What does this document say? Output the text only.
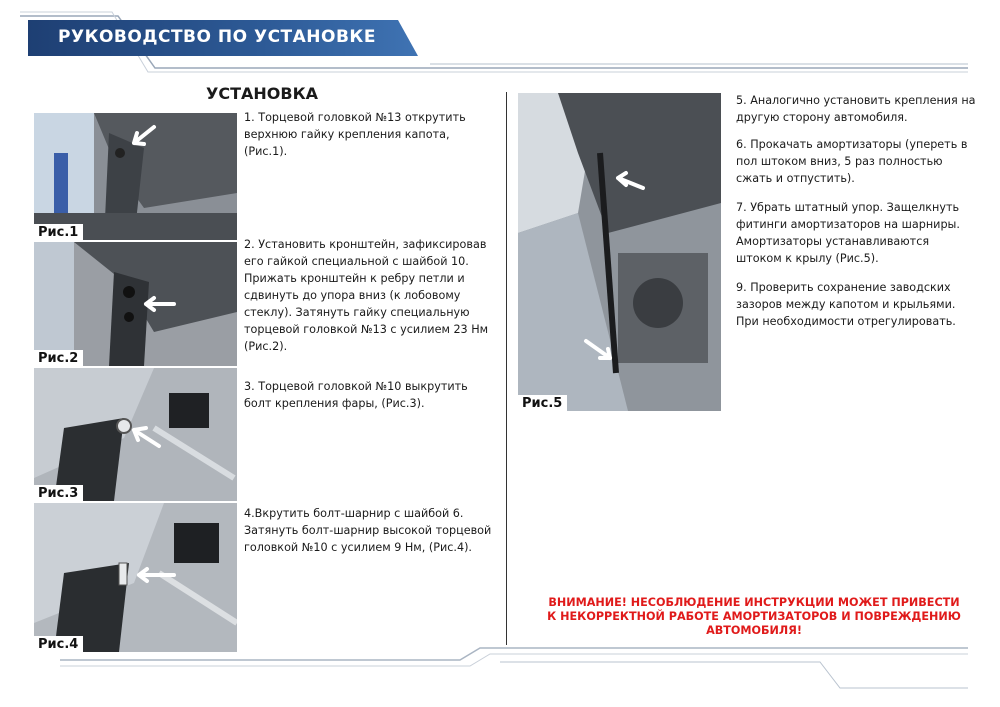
РУКОВОДСТВО ПО УСТАНОВКЕ
УСТАНОВКА
Рис.1
Рис.2
Рис.3
Рис.4
1. Торцевой головкой №13 открутить верхнюю гайку крепления капота, (Рис.1).
2. Установить кронштейн, зафиксировав его гайкой специальной с шайбой 10. Прижать кронштейн к ребру петли и сдвинуть до упора вниз (к лобовому стеклу). Затянуть гайку специальную торцевой головкой №13 с усилием 23 Нм (Рис.2).
3. Торцевой головкой №10 выкрутить болт крепления фары, (Рис.3).
4.Вкрутить болт-шарнир с шайбой 6. Затянуть болт-шарнир высокой торцевой головкой №10 с усилием 9 Нм, (Рис.4).
Рис.5
5. Аналогично установить крепления на другую сторону автомобиля.
6. Прокачать амортизаторы (упереть в пол штоком вниз, 5 раз полностью сжать и отпустить).
7. Убрать штатный упор. Защелкнуть фитинги амортизаторов на шарниры. Амортизаторы устанавливаются штоком к крылу (Рис.5).
9. Проверить сохранение заводских зазоров между капотом и крыльями. При необходимости отрегулировать.
ВНИМАНИЕ! НЕСОБЛЮДЕНИЕ ИНСТРУКЦИИ МОЖЕТ ПРИВЕСТИ К НЕКОРРЕКТНОЙ РАБОТЕ АМОРТИЗАТОРОВ И ПОВРЕЖДЕНИЮ АВТОМОБИЛЯ!
